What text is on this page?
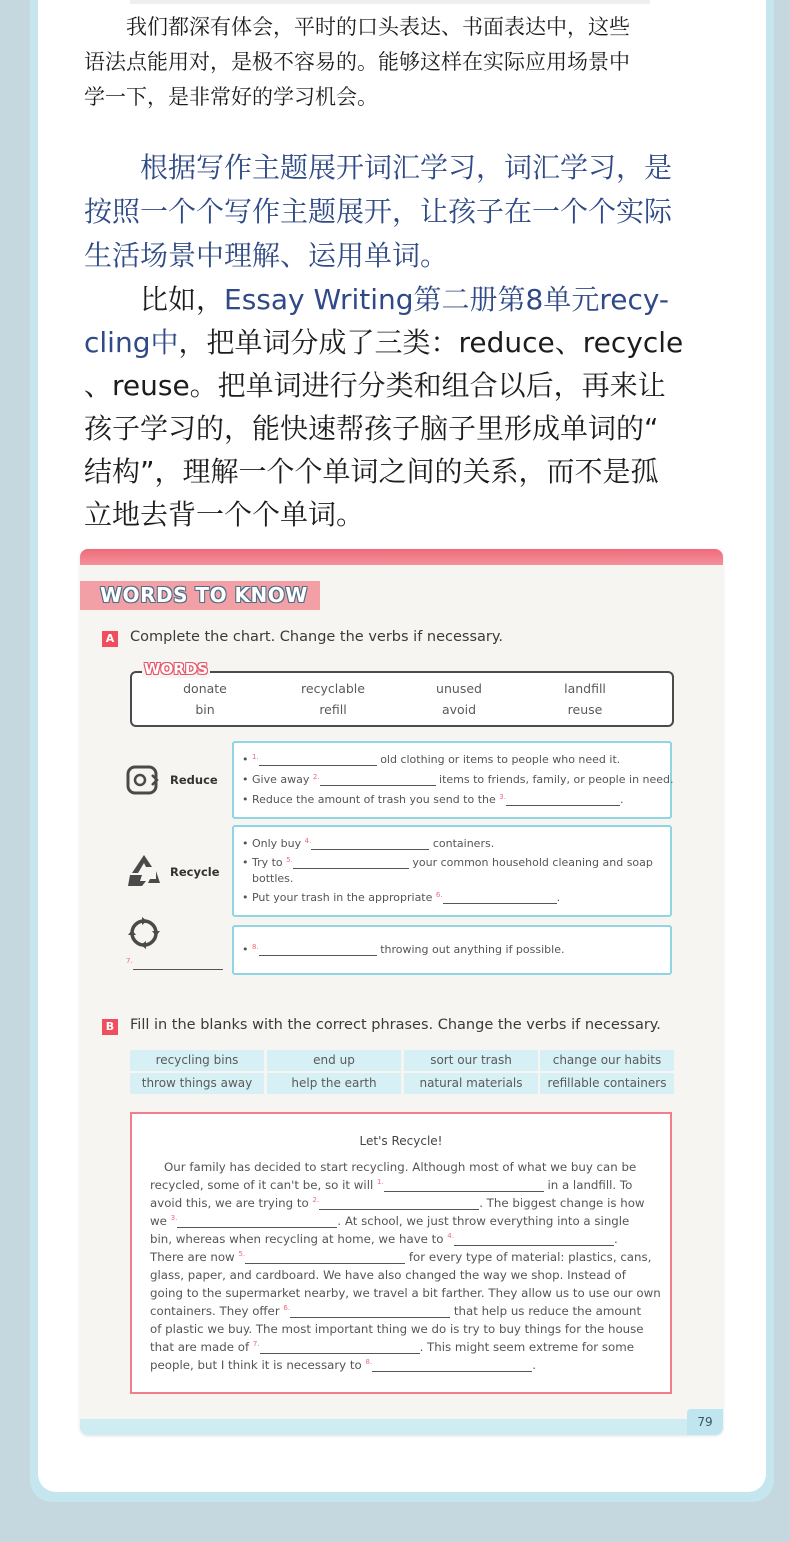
我们都深有体会，平时的口头表达、书面表达中，这些
语法点能用对，是极不容易的。能够这样在实际应用场景中
学一下，是非常好的学习机会。
根据写作主题展开词汇学习，词汇学习，是
按照一个个写作主题展开，让孩子在一个个实际
生活场景中理解、运用单词。
比如，Essay Writing第二册第8单元recy-
cling中，把单词分成了三类：reduce、recycle
、reuse。把单词进行分类和组合以后，再来让
孩子学习的，能快速帮孩子脑子里形成单词的“
结构”，理解一个个单词之间的关系，而不是孤
立地去背一个个单词。
WORDS TO KNOW
A Complete the chart. Change the verbs if necessary.
donate	recyclable	unused	landfill
bin	refill	avoid	reuse
WORDS
Reduce
• $^{1.}$	old clothing or items to people who need it.
• Give away $^{2.}$	items to friends, family, or people in need.
• Reduce the amount of trash you send to the $^{3.}$	.
Recycle
• Only buy $^{4.}$	containers.
• Try to $^{5.}$	your common household cleaning and soap
bottles.
• Put your trash in the appropriate $^{6.}$	.
$^{7.}$
• $^{8.}$	throwing out anything if possible.
B Fill in the blanks with the correct phrases. Change the verbs if necessary.
recycling bins	end up	sort our trash	change our habits
throw things away	help the earth	natural materials	refillable containers
Let's Recycle!
Our family has decided to start recycling. Although most of what we buy can be
recycled, some of it can't be, so it will $^{1.}$	in a landfill. To
avoid this, we are trying to $^{2.}$	. The biggest change is how
we $^{3.}$	. At school, we just throw everything into a single
bin, whereas when recycling at home, we have to $^{4.}$	.
There are now $^{5.}$	for every type of material: plastics, cans,
glass, paper, and cardboard. We have also changed the way we shop. Instead of
going to the supermarket nearby, we travel a bit farther. They allow us to use our own
containers. They offer $^{6.}$	that help us reduce the amount
of plastic we buy. The most important thing we do is try to buy things for the house
that are made of $^{7.}$	. This might seem extreme for some
people, but I think it is necessary to $^{8.}$	.
79
